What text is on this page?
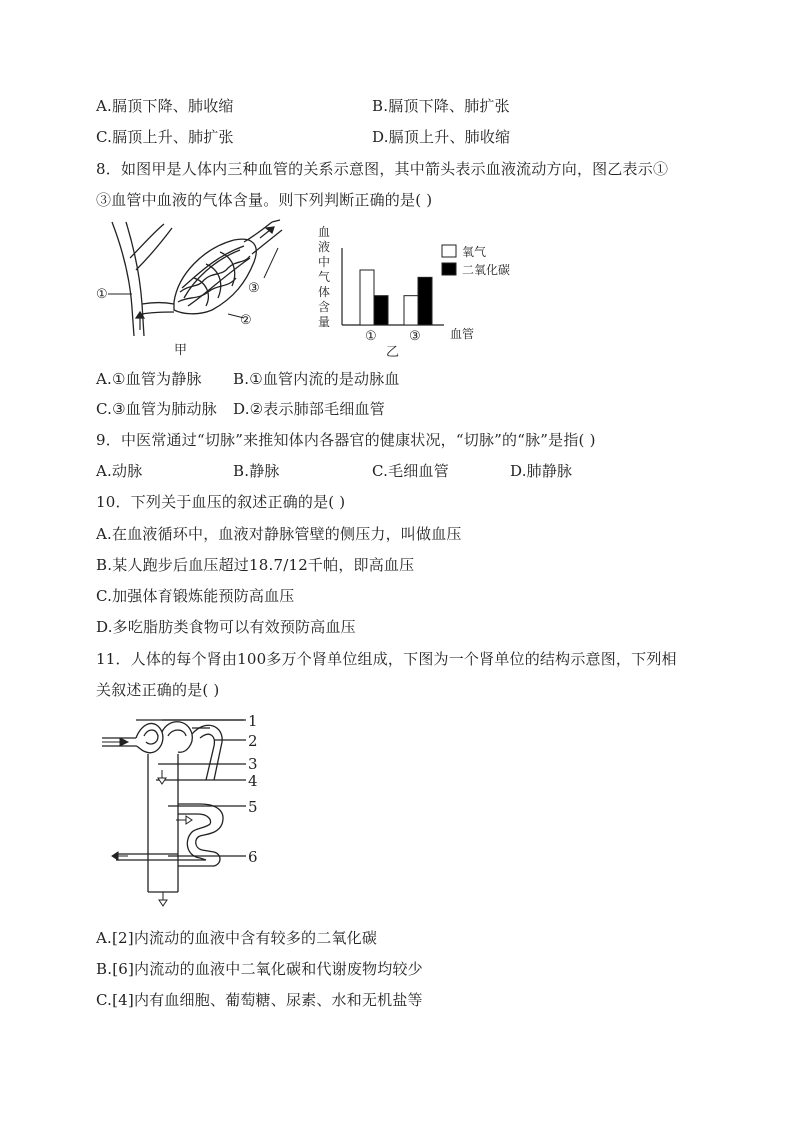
A.膈顶下降、肺收缩	B.膈顶下降、肺扩张
C.膈顶上升、肺扩张	D.膈顶上升、肺收缩
8．如图甲是人体内三种血管的关系示意图，其中箭头表示血液流动方向，图乙表示①
③血管中血液的气体含量。则下列判断正确的是( )
①
②
③
甲
血
液
中
气
体
含
量
① ③ 血管
乙
氧气
二氧化碳
A.①血管为静脉 B.①血管内流的是动脉血
C.③血管为肺动脉 D.②表示肺部毛细血管
9．中医常通过“切脉”来推知体内各器官的健康状况，“切脉”的“脉”是指( )
A.动脉	B.静脉	C.毛细血管	D.肺静脉
10．下列关于血压的叙述正确的是( )
A.在血液循环中，血液对静脉管壁的侧压力，叫做血压
B.某人跑步后血压超过18.7/12千帕，即高血压
C.加强体育锻炼能预防高血压
D.多吃脂肪类食物可以有效预防高血压
11．人体的每个肾由100多万个肾单位组成，下图为一个肾单位的结构示意图，下列相
关叙述正确的是( )
1
2
3
4
5
6
A.[2]内流动的血液中含有较多的二氧化碳
B.[6]内流动的血液中二氧化碳和代谢废物均较少
C.[4]内有血细胞、葡萄糖、尿素、水和无机盐等
